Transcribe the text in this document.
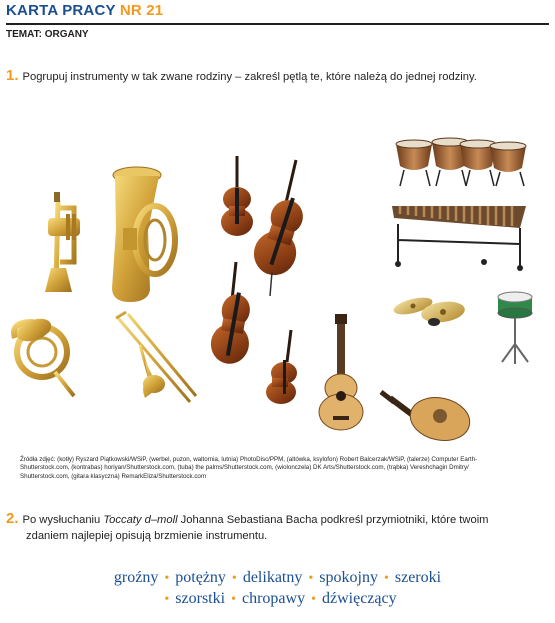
KARTA PRACY NR 21
TEMAT: ORGANY
1. Pogrupuj instrumenty w tak zwane rodziny – zakreśl pętlą te, które należą do jednej rodziny.
Źródła zdjęć: (kotły) Ryszard Piątkowski/WSiP, (werbel, puzon, waltornia, lutnia) PhotoDisc/PPM, (altówka, ksylofon) Robert Balcerzak/WSiP, (talerze) Computer Earth-
Shutterstock.com, (kontrabas) horiyan/Shutterstock.com, (tuba) the palms/Shutterstock.com, (wiolonczela) DK Arts/Shutterstock.com, (trąbka) Vereshchagin Dmitry/
Shutterstock.com, (gitara klasyczna) RemarkEliza/Shutterstock.com
2. Po wysłuchaniu Toccaty d–moll Johanna Sebastiana Bacha podkreśl przymiotniki, które twoim
zdaniem najlepiej opisują brzmienie instrumentu.
groźny • potężny • delikatny • spokojny • szeroki
• szorstki • chropawy • dźwięczący
